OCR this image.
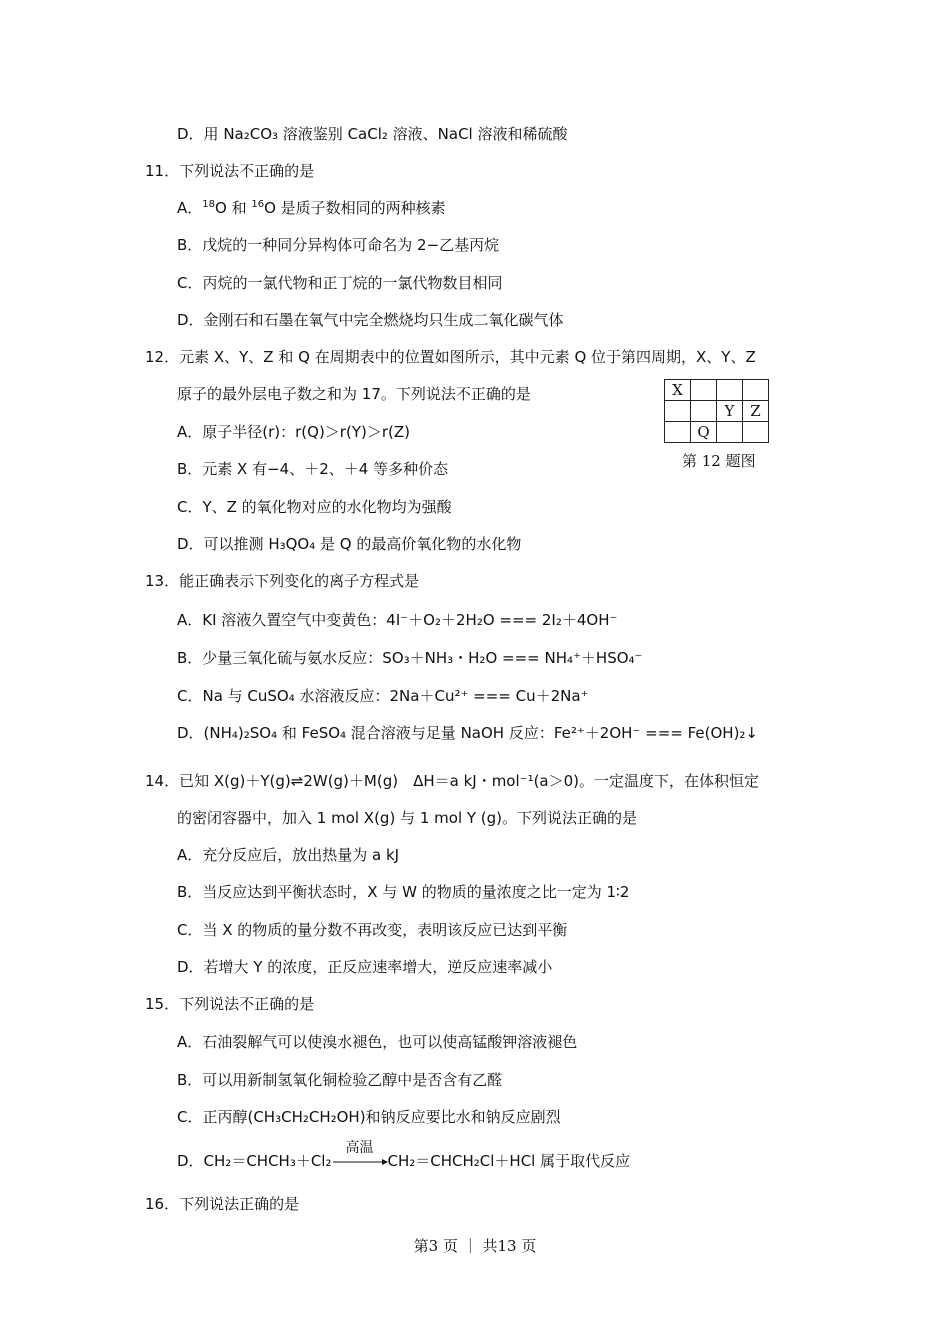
D．用 Na₂CO₃ 溶液鉴别 CaCl₂ 溶液、NaCl 溶液和稀硫酸
11．下列说法不正确的是
A．$^{18}$O 和 $^{16}$O 是质子数相同的两种核素
B．戊烷的一种同分异构体可命名为 2−乙基丙烷
C．丙烷的一氯代物和正丁烷的一氯代物数目相同
D．金刚石和石墨在氧气中完全燃烧均只生成二氧化碳气体
12．元素 X、Y、Z 和 Q 在周期表中的位置如图所示，其中元素 Q 位于第四周期，X、Y、Z
原子的最外层电子数之和为 17。下列说法不正确的是
A．原子半径(r)：r(Q)＞r(Y)＞r(Z)
B．元素 X 有−4、＋2、＋4 等多种价态
C．Y、Z 的氧化物对应的水化物均为强酸
D．可以推测 H₃QO₄ 是 Q 的最高价氧化物的水化物
X			
		Y	Z
	Q		
第 12 题图
13．能正确表示下列变化的离子方程式是
A．KI 溶液久置空气中变黄色：4I⁻＋O₂＋2H₂O === 2I₂＋4OH⁻
B．少量三氧化硫与氨水反应：SO₃＋NH₃・H₂O === NH₄⁺＋HSO₄⁻
C．Na 与 CuSO₄ 水溶液反应：2Na＋Cu²⁺ === Cu＋2Na⁺
D．(NH₄)₂SO₄ 和 FeSO₄ 混合溶液与足量 NaOH 反应：Fe²⁺＋2OH⁻ === Fe(OH)₂↓
14．已知 X(g)＋Y(g)⇌2W(g)＋M(g)　ΔH＝a kJ・mol⁻¹(a＞0)。一定温度下，在体积恒定
的密闭容器中，加入 1 mol X(g) 与 1 mol Y (g)。下列说法正确的是
A．充分反应后，放出热量为 a kJ
B．当反应达到平衡状态时，X 与 W 的物质的量浓度之比一定为 1∶2
C．当 X 的物质的量分数不再改变，表明该反应已达到平衡
D．若增大 Y 的浓度，正反应速率增大，逆反应速率减小
15．下列说法不正确的是
A．石油裂解气可以使溴水褪色，也可以使高锰酸钾溶液褪色
B．可以用新制氢氧化铜检验乙醇中是否含有乙醛
C．正丙醇(CH₃CH₂CH₂OH)和钠反应要比水和钠反应剧烈
D．CH₂＝CHCH₃＋Cl₂
高温
CH₂＝CHCH₂Cl＋HCl 属于取代反应
16．下列说法正确的是
第3 页 ｜ 共13 页
